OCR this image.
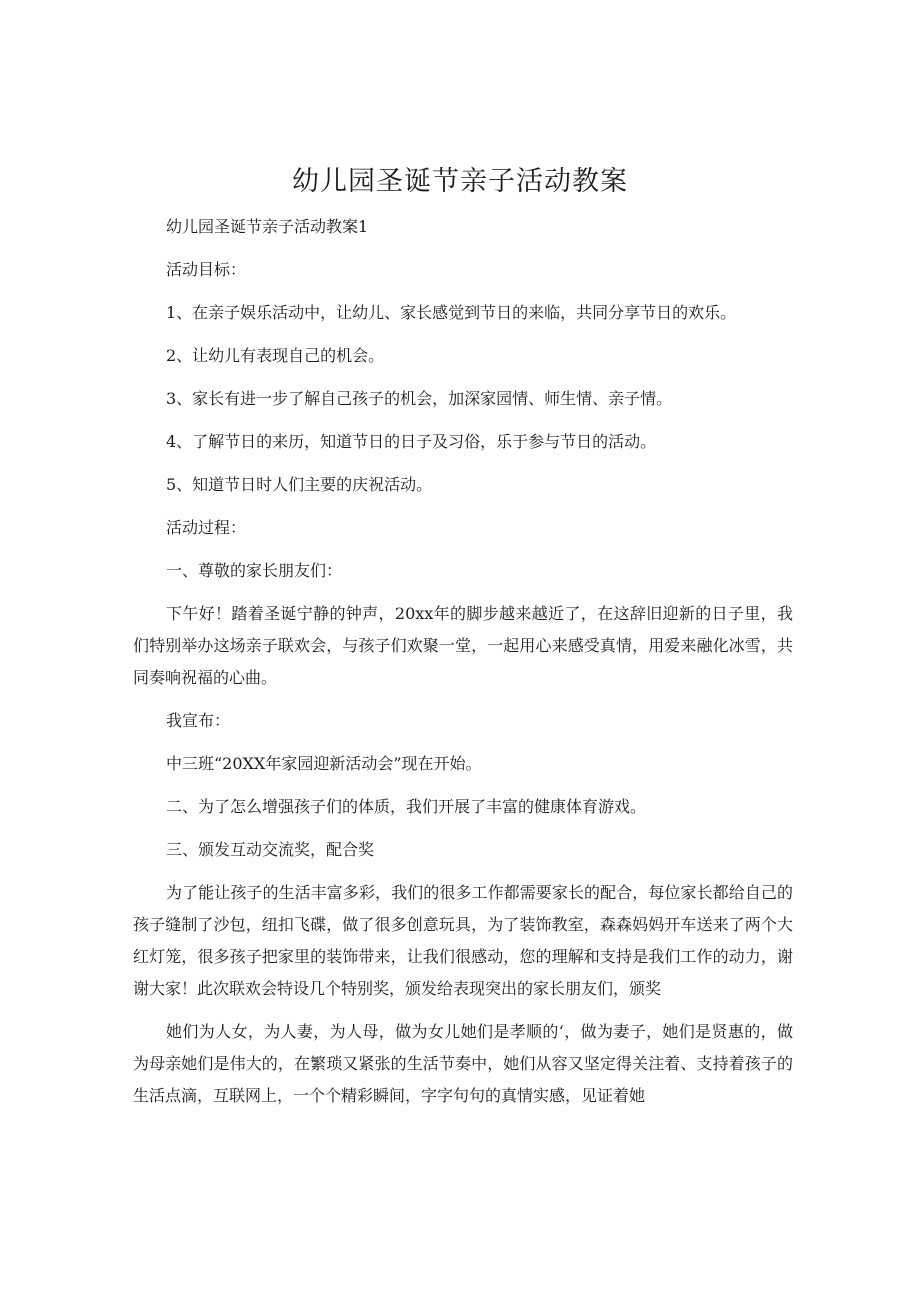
幼儿园圣诞节亲子活动教案

幼儿园圣诞节亲子活动教案1

活动目标：

1、在亲子娱乐活动中，让幼儿、家长感觉到节日的来临，共同分享节日的欢乐。

2、让幼儿有表现自己的机会。

3、家长有进一步了解自己孩子的机会，加深家园情、师生情、亲子情。

4、了解节日的来历，知道节日的日子及习俗，乐于参与节日的活动。

5、知道节日时人们主要的庆祝活动。

活动过程：

一、尊敬的家长朋友们：

下午好！踏着圣诞宁静的钟声，20xx年的脚步越来越近了，在这辞旧迎新的日子里，我们特别举办这场亲子联欢会，与孩子们欢聚一堂，一起用心来感受真情，用爱来融化冰雪，共同奏响祝福的心曲。

我宣布：

中三班“20XX年家园迎新活动会”现在开始。

二、为了怎么增强孩子们的体质，我们开展了丰富的健康体育游戏。

三、颁发互动交流奖，配合奖

为了能让孩子的生活丰富多彩，我们的很多工作都需要家长的配合，每位家长都给自己的孩子缝制了沙包，纽扣飞碟，做了很多创意玩具，为了装饰教室，森森妈妈开车送来了两个大红灯笼，很多孩子把家里的装饰带来，让我们很感动，您的理解和支持是我们工作的动力，谢谢大家！此次联欢会特设几个特别奖，颁发给表现突出的家长朋友们，颁奖

她们为人女，为人妻，为人母，做为女儿她们是孝顺的‘，做为妻子，她们是贤惠的，做为母亲她们是伟大的，在繁琐又紧张的生活节奏中，她们从容又坚定得关注着、支持着孩子的生活点滴，互联网上，一个个精彩瞬间，字字句句的真情实感，见证着她
